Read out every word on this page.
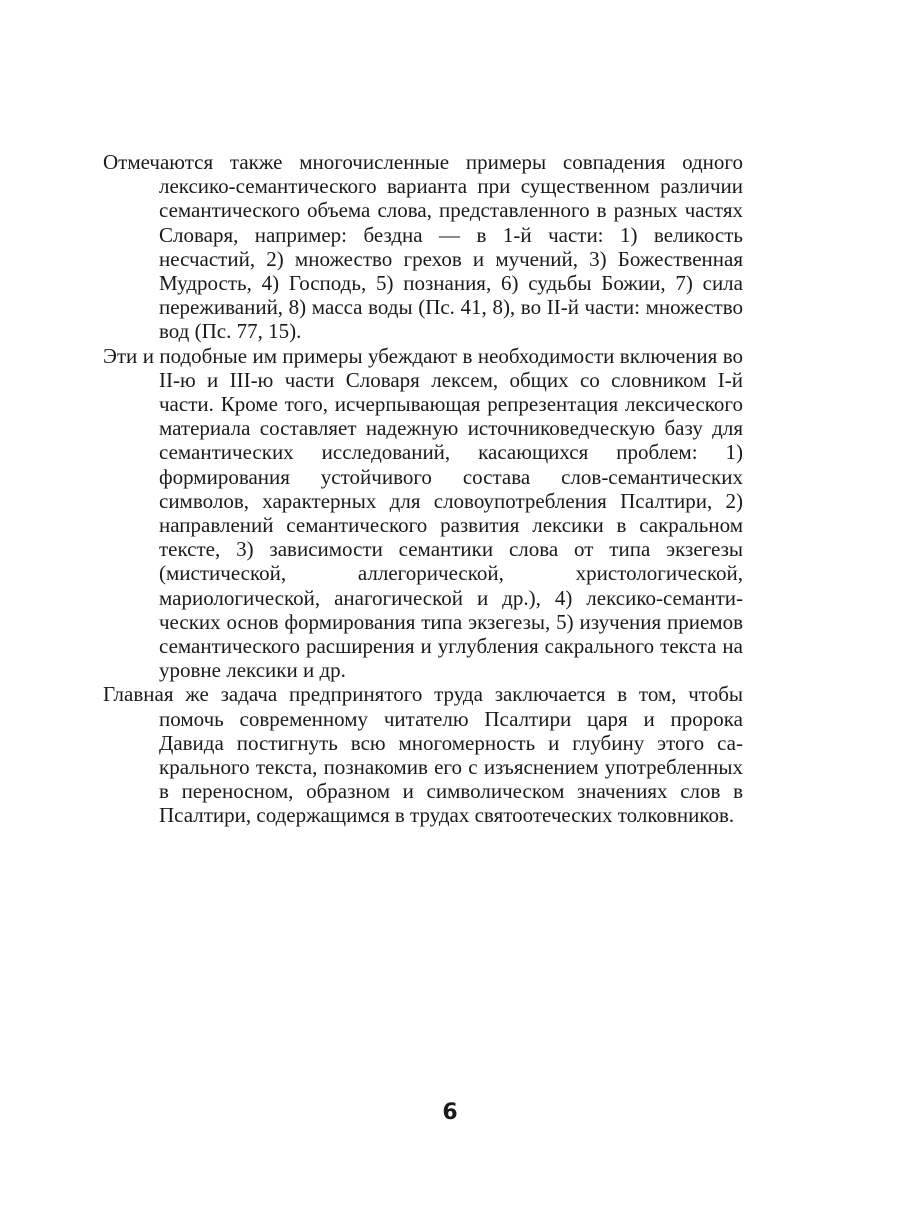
Отмечаются также многочисленные примеры совпадения одного лексико-семантического варианта при существенном различии семантического объема слова, представленного в разных частях Словаря, например: бездна — в 1-й части: 1) великость несчастий, 2) множество грехов и мучений, 3) Божественная Мудрость, 4) Господь, 5) познания, 6) судьбы Божии, 7) сила переживаний, 8) масса воды (Пс. 41, 8), во II-й части: множество вод (Пс. 77, 15).

Эти и подобные им примеры убеждают в необходимости включения во II-ю и III-ю части Словаря лексем, общих со словником I-й части. Кроме того, исчерпывающая репрезентация лексического материала составляет надежную источниковедческую базу для семантических исследований, касающихся проблем: 1) формирования устойчивого состава слов-семантических символов, характерных для словоупотребления Псалтири, 2) направлений семантического развития лексики в сакральном тексте, 3) зависимости семантики слова от типа экзегезы (мистической, аллегорической, христологической, мариологической, анагогической и др.), 4) лексико-семантических основ формирования типа экзегезы, 5) изучения приемов семантического расширения и углубления сакрального текста на уровне лексики и др.

Главная же задача предпринятого труда заключается в том, чтобы помочь современному читателю Псалтири царя и пророка Давида постигнуть всю многомерность и глубину этого сакрального текста, познакомив его с изъяснением употребленных в переносном, образном и символическом значениях слов в Псалтири, содержащимся в трудах святоотеческих толковников.

6
